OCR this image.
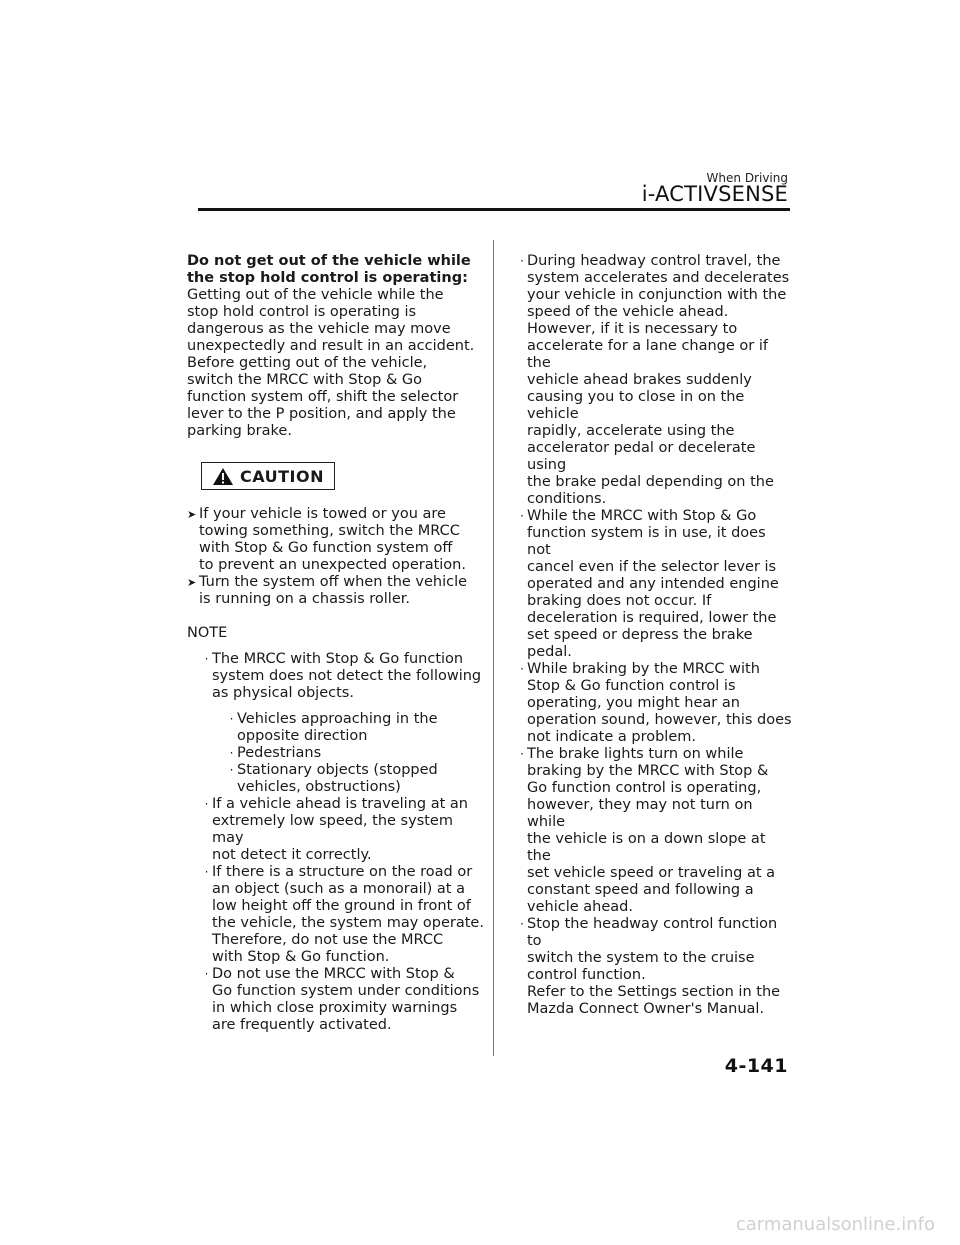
When Driving
i-ACTIVSENSE

Do not get out of the vehicle while
the stop hold control is operating:

Getting out of the vehicle while the
stop hold control is operating is
dangerous as the vehicle may move
unexpectedly and result in an accident.
Before getting out of the vehicle,
switch the MRCC with Stop & Go
function system off, shift the selector
lever to the P position, and apply the
parking brake.

CAUTION
➤ If your vehicle is towed or you are
towing something, switch the MRCC
with Stop & Go function system off
to prevent an unexpected operation.
➤ Turn the system off when the vehicle
is running on a chassis roller.
NOTE
· The MRCC with Stop & Go function
system does not detect the following
as physical objects.
· Vehicles approaching in the
opposite direction
· Pedestrians
· Stationary objects (stopped
vehicles, obstructions)
· If a vehicle ahead is traveling at an
extremely low speed, the system may
not detect it correctly.
· If there is a structure on the road or
an object (such as a monorail) at a
low height off the ground in front of
the vehicle, the system may operate.
Therefore, do not use the MRCC
with Stop & Go function.
· Do not use the MRCC with Stop &
Go function system under conditions
in which close proximity warnings
are frequently activated.
· During headway control travel, the
system accelerates and decelerates
your vehicle in conjunction with the
speed of the vehicle ahead.
However, if it is necessary to
accelerate for a lane change or if the
vehicle ahead brakes suddenly
causing you to close in on the vehicle
rapidly, accelerate using the
accelerator pedal or decelerate using
the brake pedal depending on the
conditions.
· While the MRCC with Stop & Go
function system is in use, it does not
cancel even if the selector lever is
operated and any intended engine
braking does not occur. If
deceleration is required, lower the
set speed or depress the brake
pedal.
· While braking by the MRCC with
Stop & Go function control is
operating, you might hear an
operation sound, however, this does
not indicate a problem.
· The brake lights turn on while
braking by the MRCC with Stop &
Go function control is operating,
however, they may not turn on while
the vehicle is on a down slope at the
set vehicle speed or traveling at a
constant speed and following a
vehicle ahead.
· Stop the headway control function to
switch the system to the cruise
control function.
Refer to the Settings section in the
Mazda Connect Owner's Manual.
4-141
carmanualsonline.info
